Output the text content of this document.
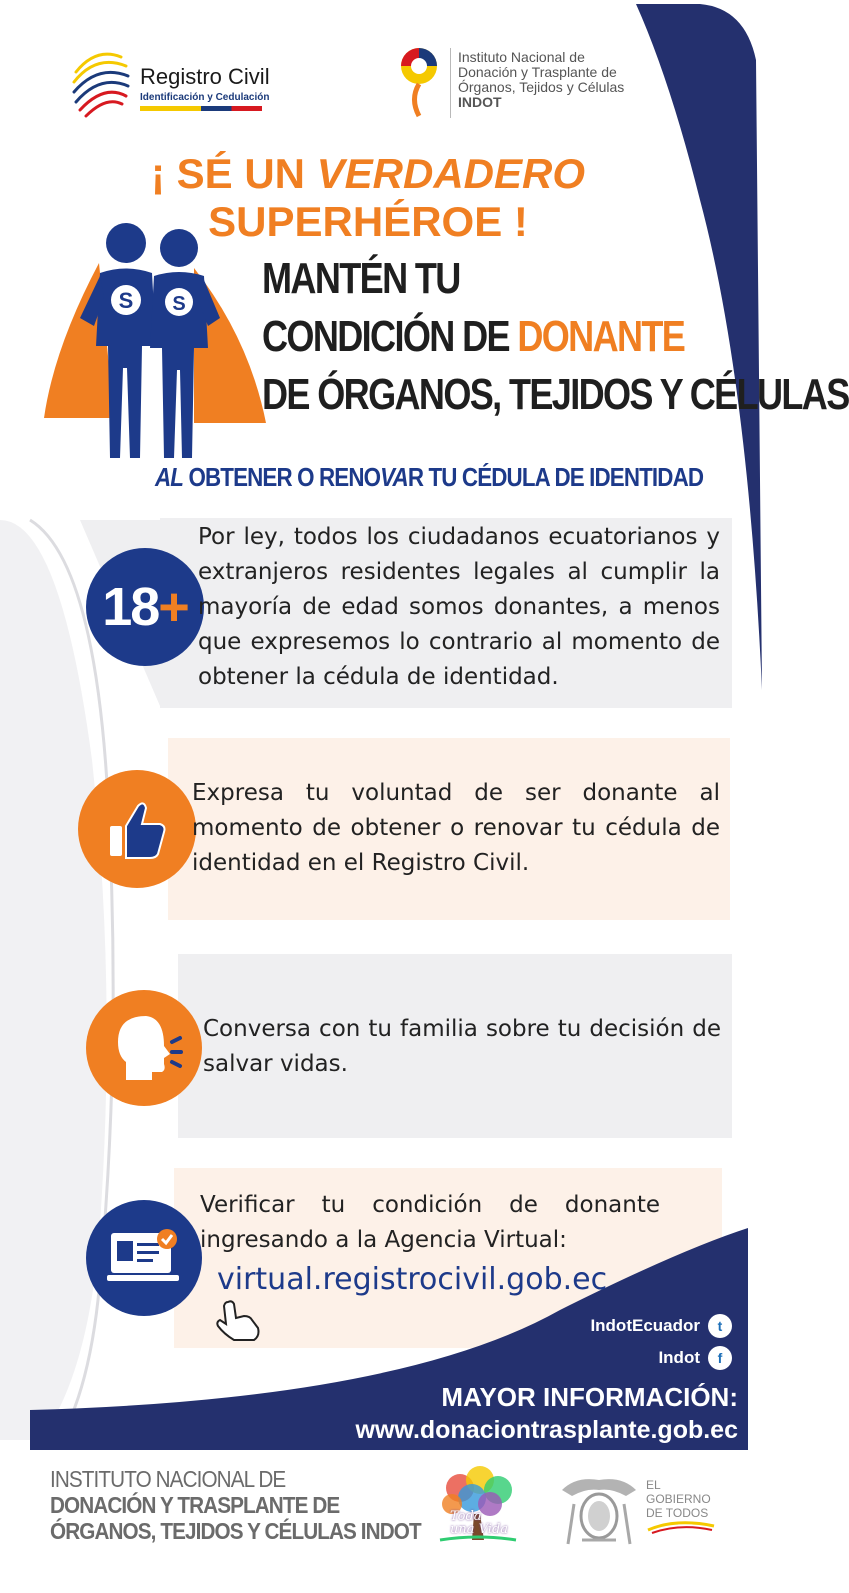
Registro Civil
Identificación y Cedulación
Instituto Nacional de
Donación y Trasplante de
Órganos, Tejidos y Células
INDOT
¡ SÉ UN VERDADERO SUPERHÉROE !
S S
MANTÉN TU
CONDICIÓN DE DONANTE
DE ÓRGANOS, TEJIDOS Y CÉLULAS
AL OBTENER O RENOVAR TU CÉDULA DE IDENTIDAD
18+
Por ley, todos los ciudadanos ecuatorianos y extranjeros residentes legales al cumplir la mayoría de edad somos donantes, a menos que expresemos lo contrario al momento de obtener la cédula de identidad.
Expresa tu voluntad de ser donante al momento de obtener o renovar tu cédula de identidad en el Registro Civil.
Conversa con tu familia sobre tu decisión de salvar vidas.
Verificar tu condición de donante ingresando a la Agencia Virtual:
virtual.registrocivil.gob.ec
IndotEcuador	t
Indot	f
MAYOR INFORMACIÓN:
www.donaciontrasplante.gob.ec
INSTITUTO NACIONAL DE
DONACIÓN Y TRASPLANTE DE
ÓRGANOS, TEJIDOS Y CÉLULAS INDOT
Toda
una Vida
EL
GOBIERNO
DE TODOS
